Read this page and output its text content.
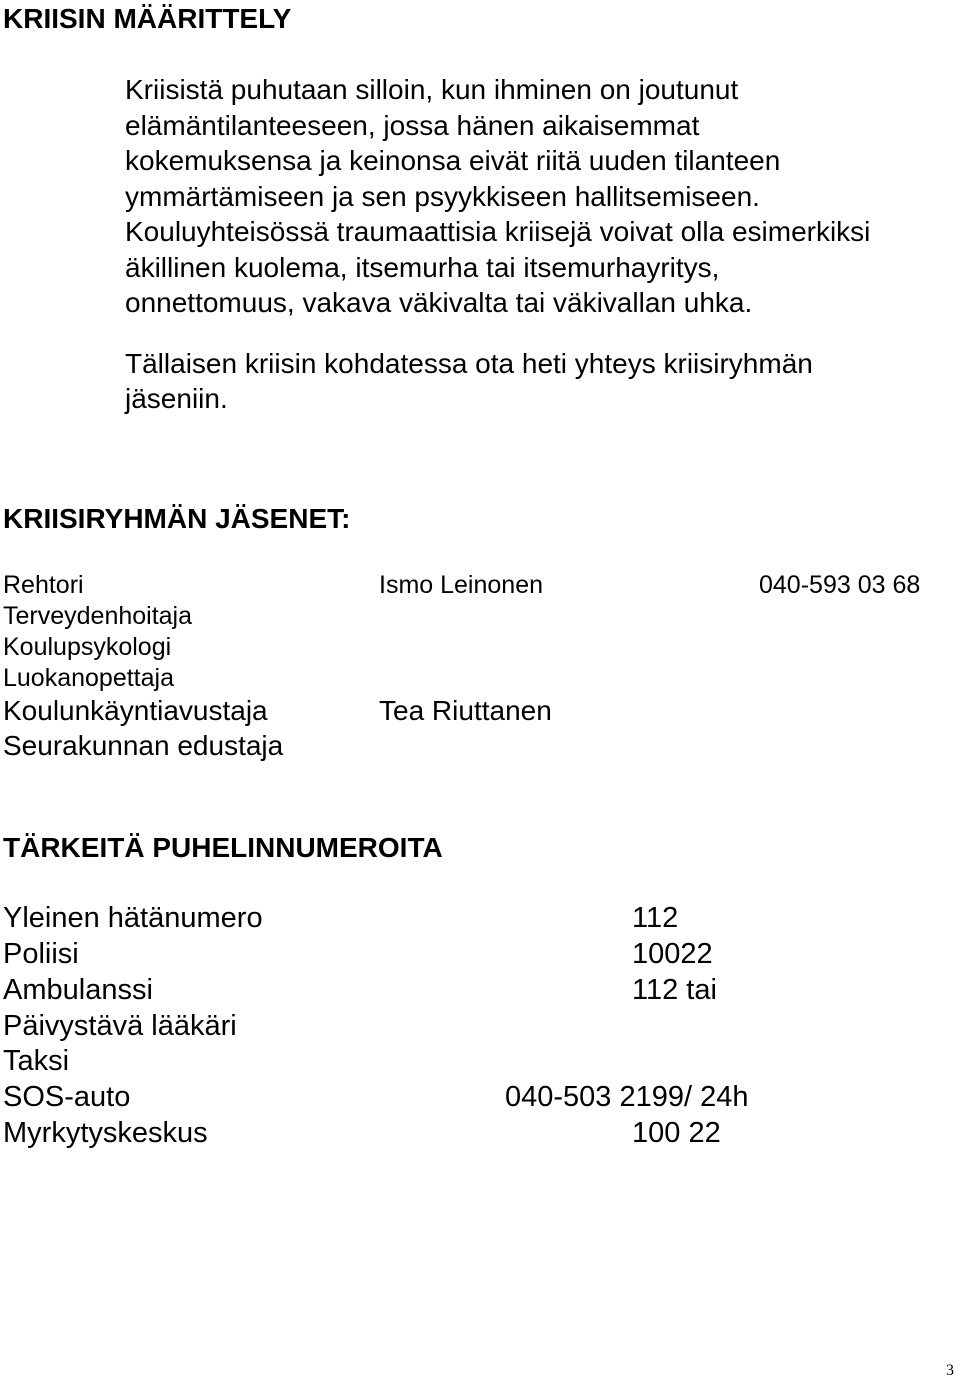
KRIISIN MÄÄRITTELY

Kriisistä puhutaan silloin, kun ihminen on joutunut

elämäntilanteeseen, jossa hänen aikaisemmat

kokemuksensa ja keinonsa eivät riitä uuden tilanteen

ymmärtämiseen ja sen psyykkiseen hallitsemiseen.

Kouluyhteisössä traumaattisia kriisejä voivat olla esimerkiksi

äkillinen kuolema, itsemurha tai itsemurhayritys,

onnettomuus, vakava väkivalta tai väkivallan uhka.

Tällaisen kriisin kohdatessa ota heti yhteys kriisiryhmän

jäseniin.

KRIISIRYHMÄN JÄSENET:
Rehtori	Ismo Leinonen	040-593 03 68
Terveydenhoitaja
Koulupsykologi
Luokanopettaja
Koulunkäyntiavustaja	Tea Riuttanen
Seurakunnan edustaja
TÄRKEITÄ PUHELINNUMEROITA
Yleinen hätänumero	112
Poliisi	10022
Ambulanssi	112 tai
Päivystävä lääkäri
Taksi
SOS-auto	040-503 2199/ 24h
Myrkytyskeskus	100 22
3
